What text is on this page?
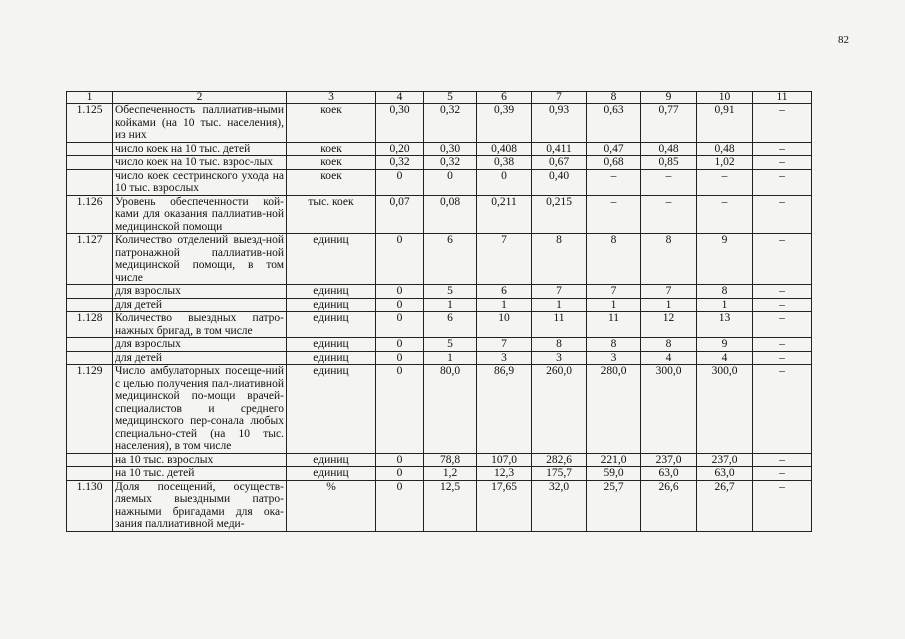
82
1	2	3	4	5	6	7	8	9	10	11
1.125	Обеспеченность паллиатив-ными койками (на 10 тыс. населения), из них	коек	0,30	0,32	0,39	0,93	0,63	0,77	0,91	–
	число коек на 10 тыс. детей	коек	0,20	0,30	0,408	0,411	0,47	0,48	0,48	–
	число коек на 10 тыс. взрос-лых	коек	0,32	0,32	0,38	0,67	0,68	0,85	1,02	–
	число коек сестринского ухода на 10 тыс. взрослых	коек	0	0	0	0,40	–	–	–	–
1.126	Уровень обеспеченности кой-ками для оказания паллиатив-ной медицинской помощи	тыс. коек	0,07	0,08	0,211	0,215	–	–	–	–
1.127	Количество отделений выезд-ной патронажной паллиатив-ной медицинской помощи, в том числе	единиц	0	6	7	8	8	8	9	–
	для взрослых	единиц	0	5	6	7	7	7	8	–
	для детей	единиц	0	1	1	1	1	1	1	–
1.128	Количество выездных патро-нажных бригад, в том числе	единиц	0	6	10	11	11	12	13	–
	для взрослых	единиц	0	5	7	8	8	8	9	–
	для детей	единиц	0	1	3	3	3	4	4	–
1.129	Число амбулаторных посеще-ний с целью получения пал-лиативной медицинской по-мощи врачей-специалистов и среднего медицинского пер-сонала любых специально-стей (на 10 тыс. населения), в том числе	единиц	0	80,0	86,9	260,0	280,0	300,0	300,0	–
	на 10 тыс. взрослых	единиц	0	78,8	107,0	282,6	221,0	237,0	237,0	–
	на 10 тыс. детей	единиц	0	1,2	12,3	175,7	59,0	63,0	63,0	–
1.130	Доля посещений, осуществ-ляемых выездными патро-нажными бригадами для ока-зания паллиативной меди-	%	0	12,5	17,65	32,0	25,7	26,6	26,7	–
